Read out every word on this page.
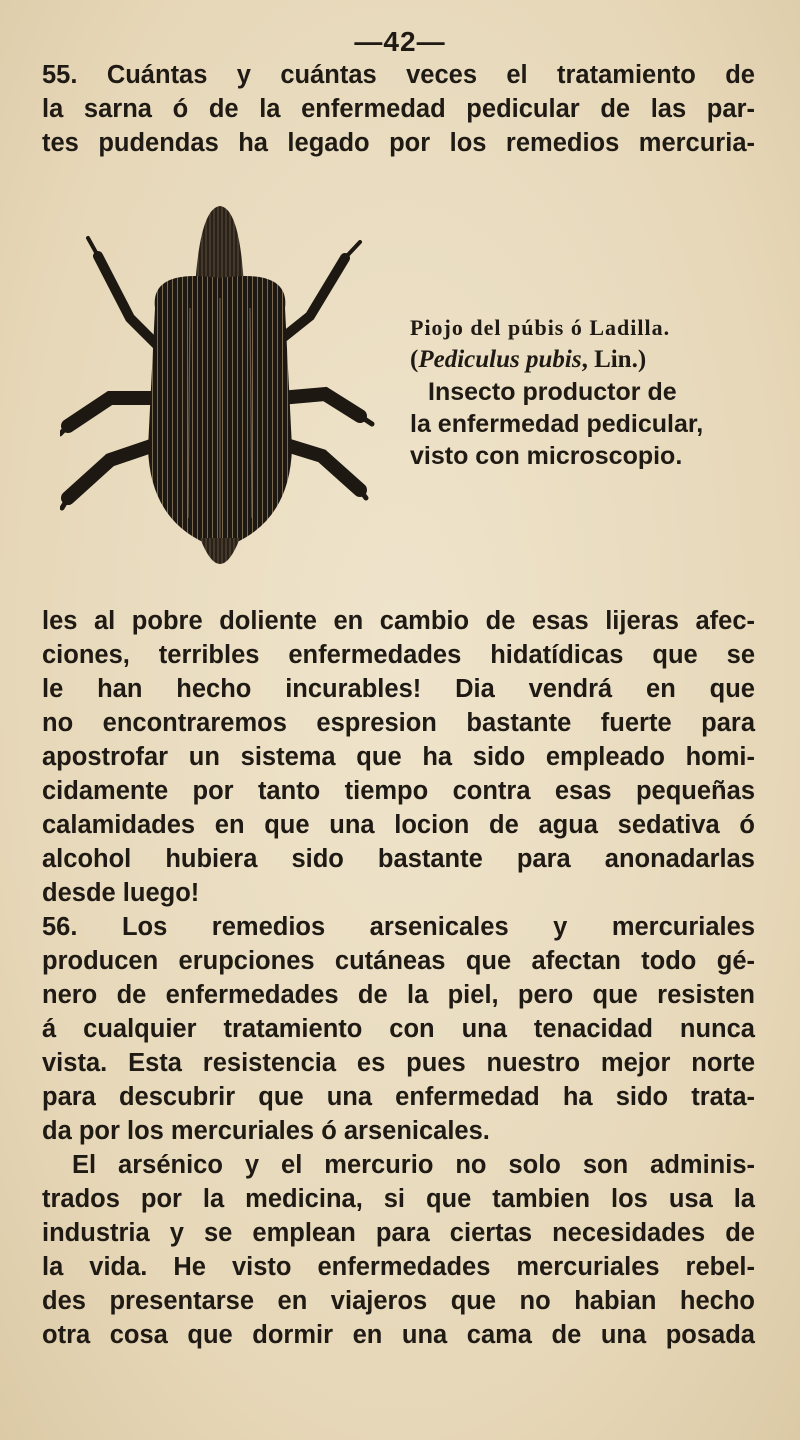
—42—
55. Cuántas y cuántas veces el tratamiento de
la sarna ó de la enfermedad pedicular de las par-
tes pudendas ha legado por los remedios mercuria-
Piojo del púbis ó Ladilla.
(Pediculus pubis, Lin.)
Insecto productor de
la enfermedad pedicular,
visto con microscopio.
les al pobre doliente en cambio de esas lijeras afec-
ciones, terribles enfermedades hidatídicas que se
le han hecho incurables! Dia vendrá en que
no encontraremos espresion bastante fuerte para
apostrofar un sistema que ha sido empleado homi-
cidamente por tanto tiempo contra esas pequeñas
calamidades en que una locion de agua sedativa ó
alcohol hubiera sido bastante para anonadarlas
desde luego!
56. Los remedios arsenicales y mercuriales
producen erupciones cutáneas que afectan todo gé-
nero de enfermedades de la piel, pero que resisten
á cualquier tratamiento con una tenacidad nunca
vista. Esta resistencia es pues nuestro mejor norte
para descubrir que una enfermedad ha sido trata-
da por los mercuriales ó arsenicales.
El arsénico y el mercurio no solo son adminis-
trados por la medicina, si que tambien los usa la
industria y se emplean para ciertas necesidades de
la vida. He visto enfermedades mercuriales rebel-
des presentarse en viajeros que no habian hecho
otra cosa que dormir en una cama de una posada
